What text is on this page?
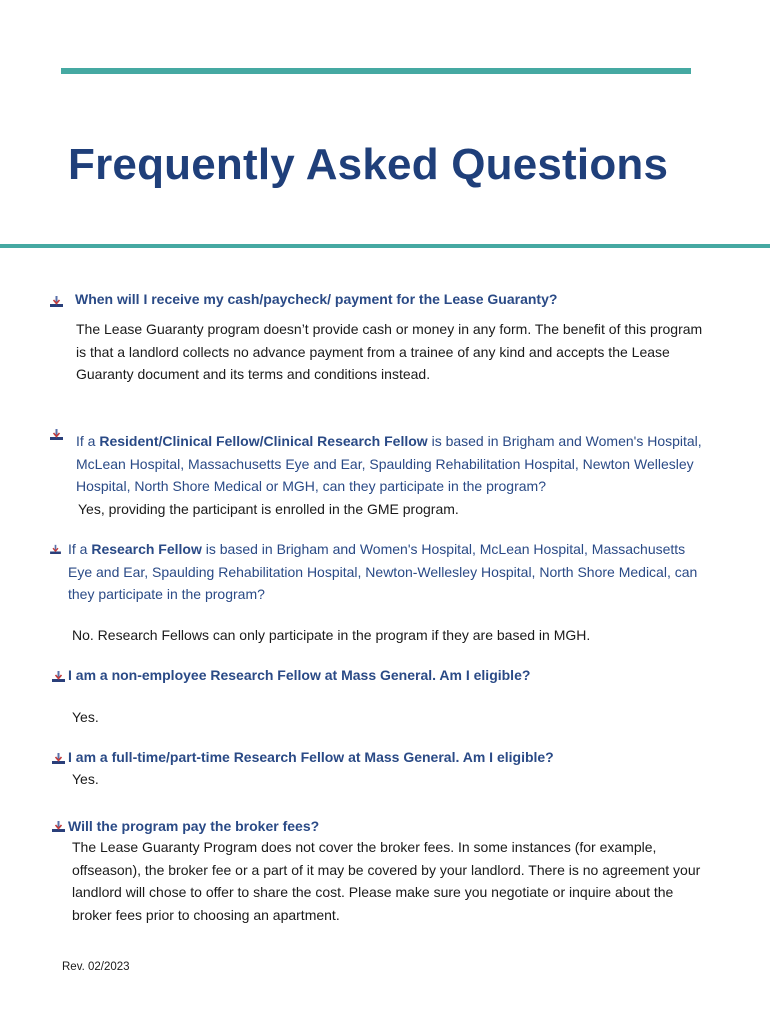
Frequently Asked Questions

When will I receive my cash/paycheck/ payment for the Lease Guaranty?

The Lease Guaranty program doesn’t provide cash or money in any form. The benefit of this program is that a landlord collects no advance payment from a trainee of any kind and accepts the Lease Guaranty document and its terms and conditions instead.

If a Resident/Clinical Fellow/Clinical Research Fellow is based in Brigham and Women's Hospital, McLean Hospital, Massachusetts Eye and Ear, Spaulding Rehabilitation Hospital, Newton Wellesley Hospital, North Shore Medical or MGH, can they participate in the program?

Yes, providing the participant is enrolled in the GME program.

If a Research Fellow is based in Brigham and Women's Hospital, McLean Hospital, Massachusetts Eye and Ear, Spaulding Rehabilitation Hospital, Newton-Wellesley Hospital, North Shore Medical, can they participate in the program?

No. Research Fellows can only participate in the program if they are based in MGH.

I am a non-employee Research Fellow at Mass General. Am I eligible?

Yes.

I am a full-time/part-time Research Fellow at Mass General. Am I eligible?

Yes.

Will the program pay the broker fees?

The Lease Guaranty Program does not cover the broker fees. In some instances (for example, offseason), the broker fee or a part of it may be covered by your landlord. There is no agreement your landlord will chose to offer to share the cost. Please make sure you negotiate or inquire about the broker fees prior to choosing an apartment.

Rev. 02/2023
